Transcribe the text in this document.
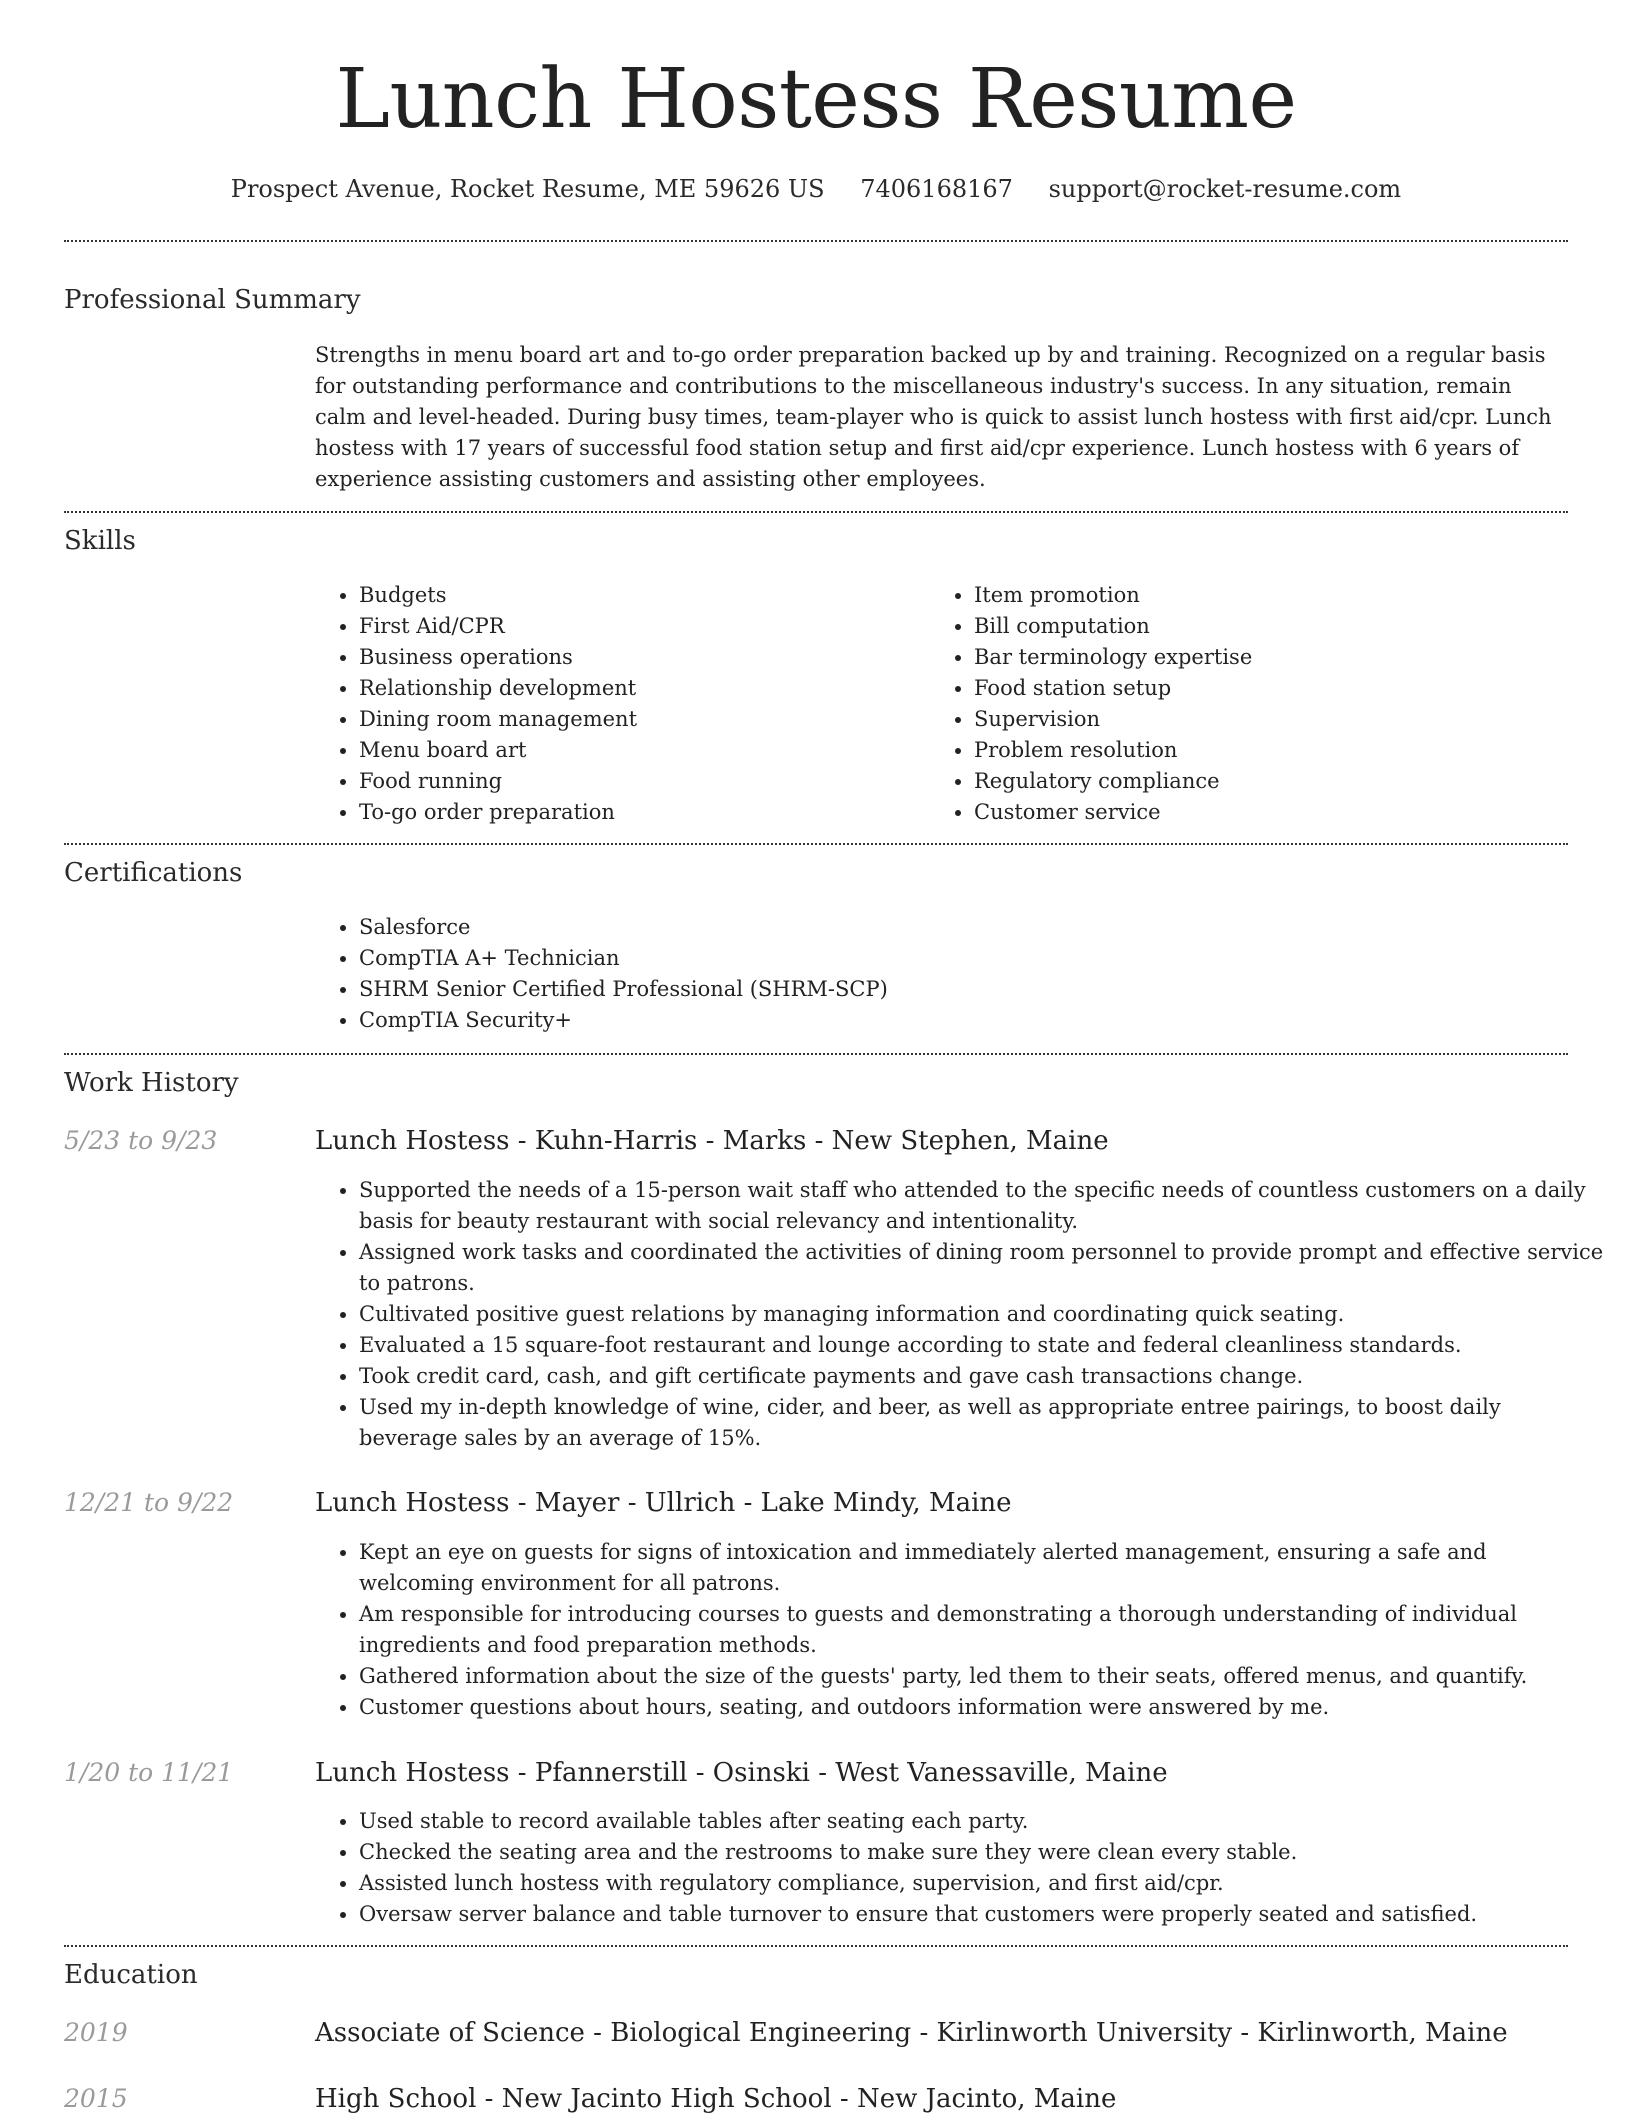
Lunch Hostess Resume
Prospect Avenue, Rocket Resume, ME 59626 US 7406168167 support@rocket-resume.com
Professional Summary

Strengths in menu board art and to-go order preparation backed up by and training. Recognized on a regular basis for outstanding performance and contributions to the miscellaneous industry's success. In any situation, remain calm and level-headed. During busy times, team-player who is quick to assist lunch hostess with first aid/cpr. Lunch hostess with 17 years of successful food station setup and first aid/cpr experience. Lunch hostess with 6 years of experience assisting customers and assisting other employees.

Skills
• Budgets
• First Aid/CPR
• Business operations
• Relationship development
• Dining room management
• Menu board art
• Food running
• To-go order preparation
• Item promotion
• Bill computation
• Bar terminology expertise
• Food station setup
• Supervision
• Problem resolution
• Regulatory compliance
• Customer service
Certifications
• Salesforce
• CompTIA A+ Technician
• SHRM Senior Certified Professional (SHRM-SCP)
• CompTIA Security+
Work History
5/23 to 9/23	Lunch Hostess - Kuhn-Harris - Marks - New Stephen, Maine
• Supported the needs of a 15-person wait staff who attended to the specific needs of countless customers on a daily basis for beauty restaurant with social relevancy and intentionality.
• Assigned work tasks and coordinated the activities of dining room personnel to provide prompt and effective service to patrons.
• Cultivated positive guest relations by managing information and coordinating quick seating.
• Evaluated a 15 square-foot restaurant and lounge according to state and federal cleanliness standards.
• Took credit card, cash, and gift certificate payments and gave cash transactions change.
• Used my in-depth knowledge of wine, cider, and beer, as well as appropriate entree pairings, to boost daily beverage sales by an average of 15%.
12/21 to 9/22	Lunch Hostess - Mayer - Ullrich - Lake Mindy, Maine
• Kept an eye on guests for signs of intoxication and immediately alerted management, ensuring a safe and welcoming environment for all patrons.
• Am responsible for introducing courses to guests and demonstrating a thorough understanding of individual ingredients and food preparation methods.
• Gathered information about the size of the guests' party, led them to their seats, offered menus, and quantify.
• Customer questions about hours, seating, and outdoors information were answered by me.
1/20 to 11/21	Lunch Hostess - Pfannerstill - Osinski - West Vanessaville, Maine
• Used stable to record available tables after seating each party.
• Checked the seating area and the restrooms to make sure they were clean every stable.
• Assisted lunch hostess with regulatory compliance, supervision, and first aid/cpr.
• Oversaw server balance and table turnover to ensure that customers were properly seated and satisfied.
Education
2019	Associate of Science - Biological Engineering - Kirlinworth University - Kirlinworth, Maine
2015	High School - New Jacinto High School - New Jacinto, Maine
